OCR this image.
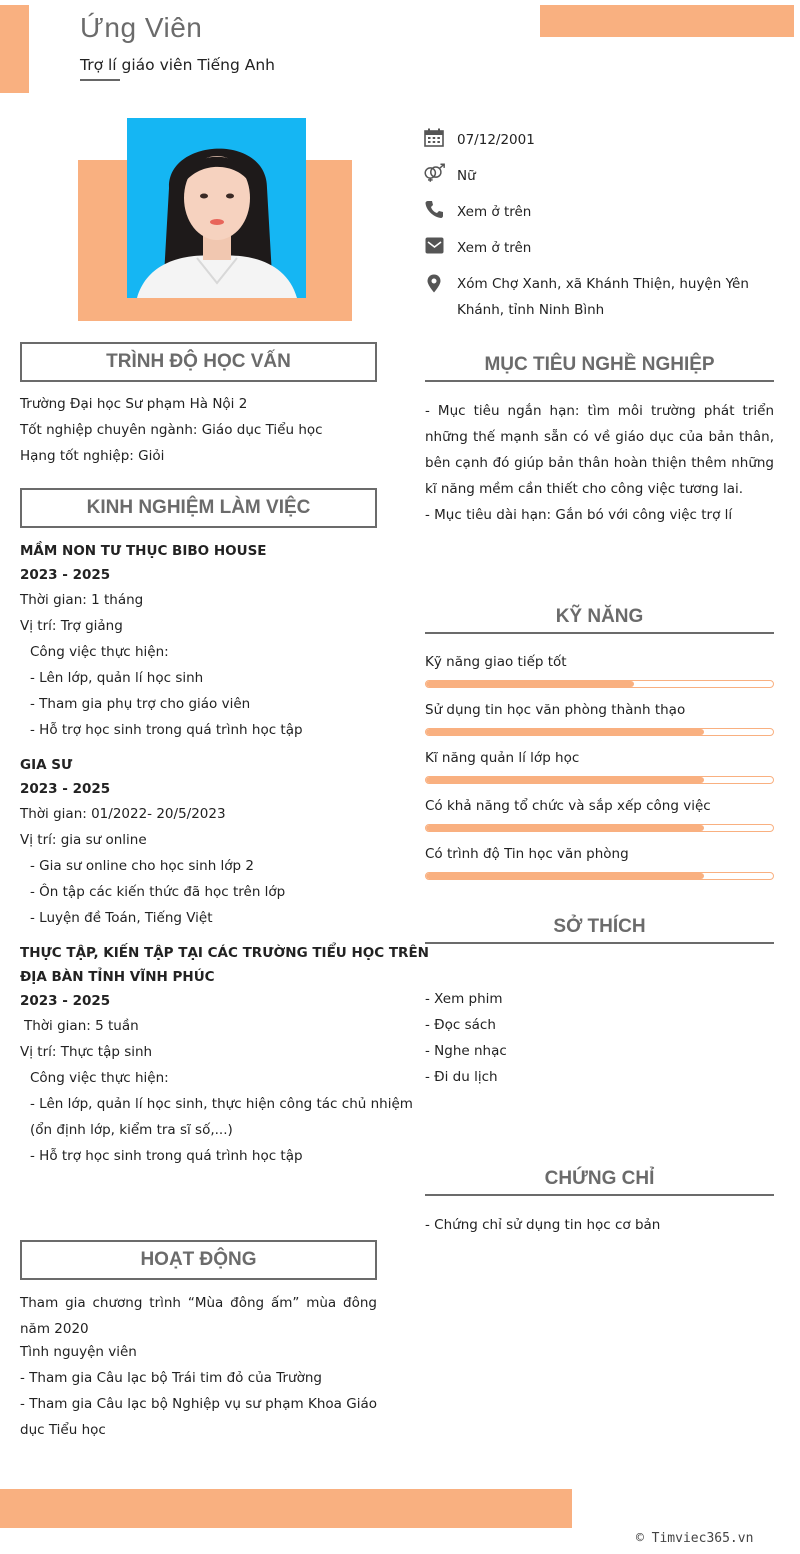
Ứng Viên
Trợ lí giáo viên Tiếng Anh
07/12/2001
Nữ
Xem ở trên
Xem ở trên
Xóm Chợ Xanh, xã Khánh Thiện, huyện Yên Khánh, tỉnh Ninh Bình
TRÌNH ĐỘ HỌC VẤN
Trường Đại học Sư phạm Hà Nội 2
Tốt nghiệp chuyên ngành: Giáo dục Tiểu học
Hạng tốt nghiệp: Giỏi
KINH NGHIỆM LÀM VIỆC
MẦM NON TƯ THỤC BIBO HOUSE
2023 - 2025
Thời gian: 1 tháng
Vị trí: Trợ giảng
Công việc thực hiện:
- Lên lớp, quản lí học sinh
- Tham gia phụ trợ cho giáo viên
- Hỗ trợ học sinh trong quá trình học tập
GIA SƯ
2023 - 2025
Thời gian: 01/2022- 20/5/2023
Vị trí: gia sư online
- Gia sư online cho học sinh lớp 2
- Ôn tập các kiến thức đã học trên lớp
- Luyện đề Toán, Tiếng Việt
THỰC TẬP, KIẾN TẬP TẠI CÁC TRƯỜNG TIỂU HỌC TRÊN
ĐỊA BÀN TỈNH VĨNH PHÚC
2023 - 2025
Thời gian: 5 tuần
Vị trí: Thực tập sinh
Công việc thực hiện:
- Lên lớp, quản lí học sinh, thực hiện công tác chủ nhiệm
(ổn định lớp, kiểm tra sĩ số,...)
- Hỗ trợ học sinh trong quá trình học tập
HOẠT ĐỘNG
Tham gia chương trình “Mùa đông ấm” mùa đông năm 2020
Tình nguyện viên
- Tham gia Câu lạc bộ Trái tim đỏ của Trường
- Tham gia Câu lạc bộ Nghiệp vụ sư phạm Khoa Giáo dục Tiểu học
MỤC TIÊU NGHỀ NGHIỆP
- Mục tiêu ngắn hạn: tìm môi trường phát triển những thế mạnh sẵn có về giáo dục của bản thân, bên cạnh đó giúp bản thân hoàn thiện thêm những kĩ năng mềm cần thiết cho công việc tương lai.
- Mục tiêu dài hạn: Gắn bó với công việc trợ lí
KỸ NĂNG
Kỹ năng giao tiếp tốt
Sử dụng tin học văn phòng thành thạo
Kĩ năng quản lí lớp học
Có khả năng tổ chức và sắp xếp công việc
Có trình độ Tin học văn phòng
SỞ THÍCH
- Xem phim
- Đọc sách
- Nghe nhạc
- Đi du lịch
CHỨNG CHỈ
- Chứng chỉ sử dụng tin học cơ bản
© Timviec365.vn
